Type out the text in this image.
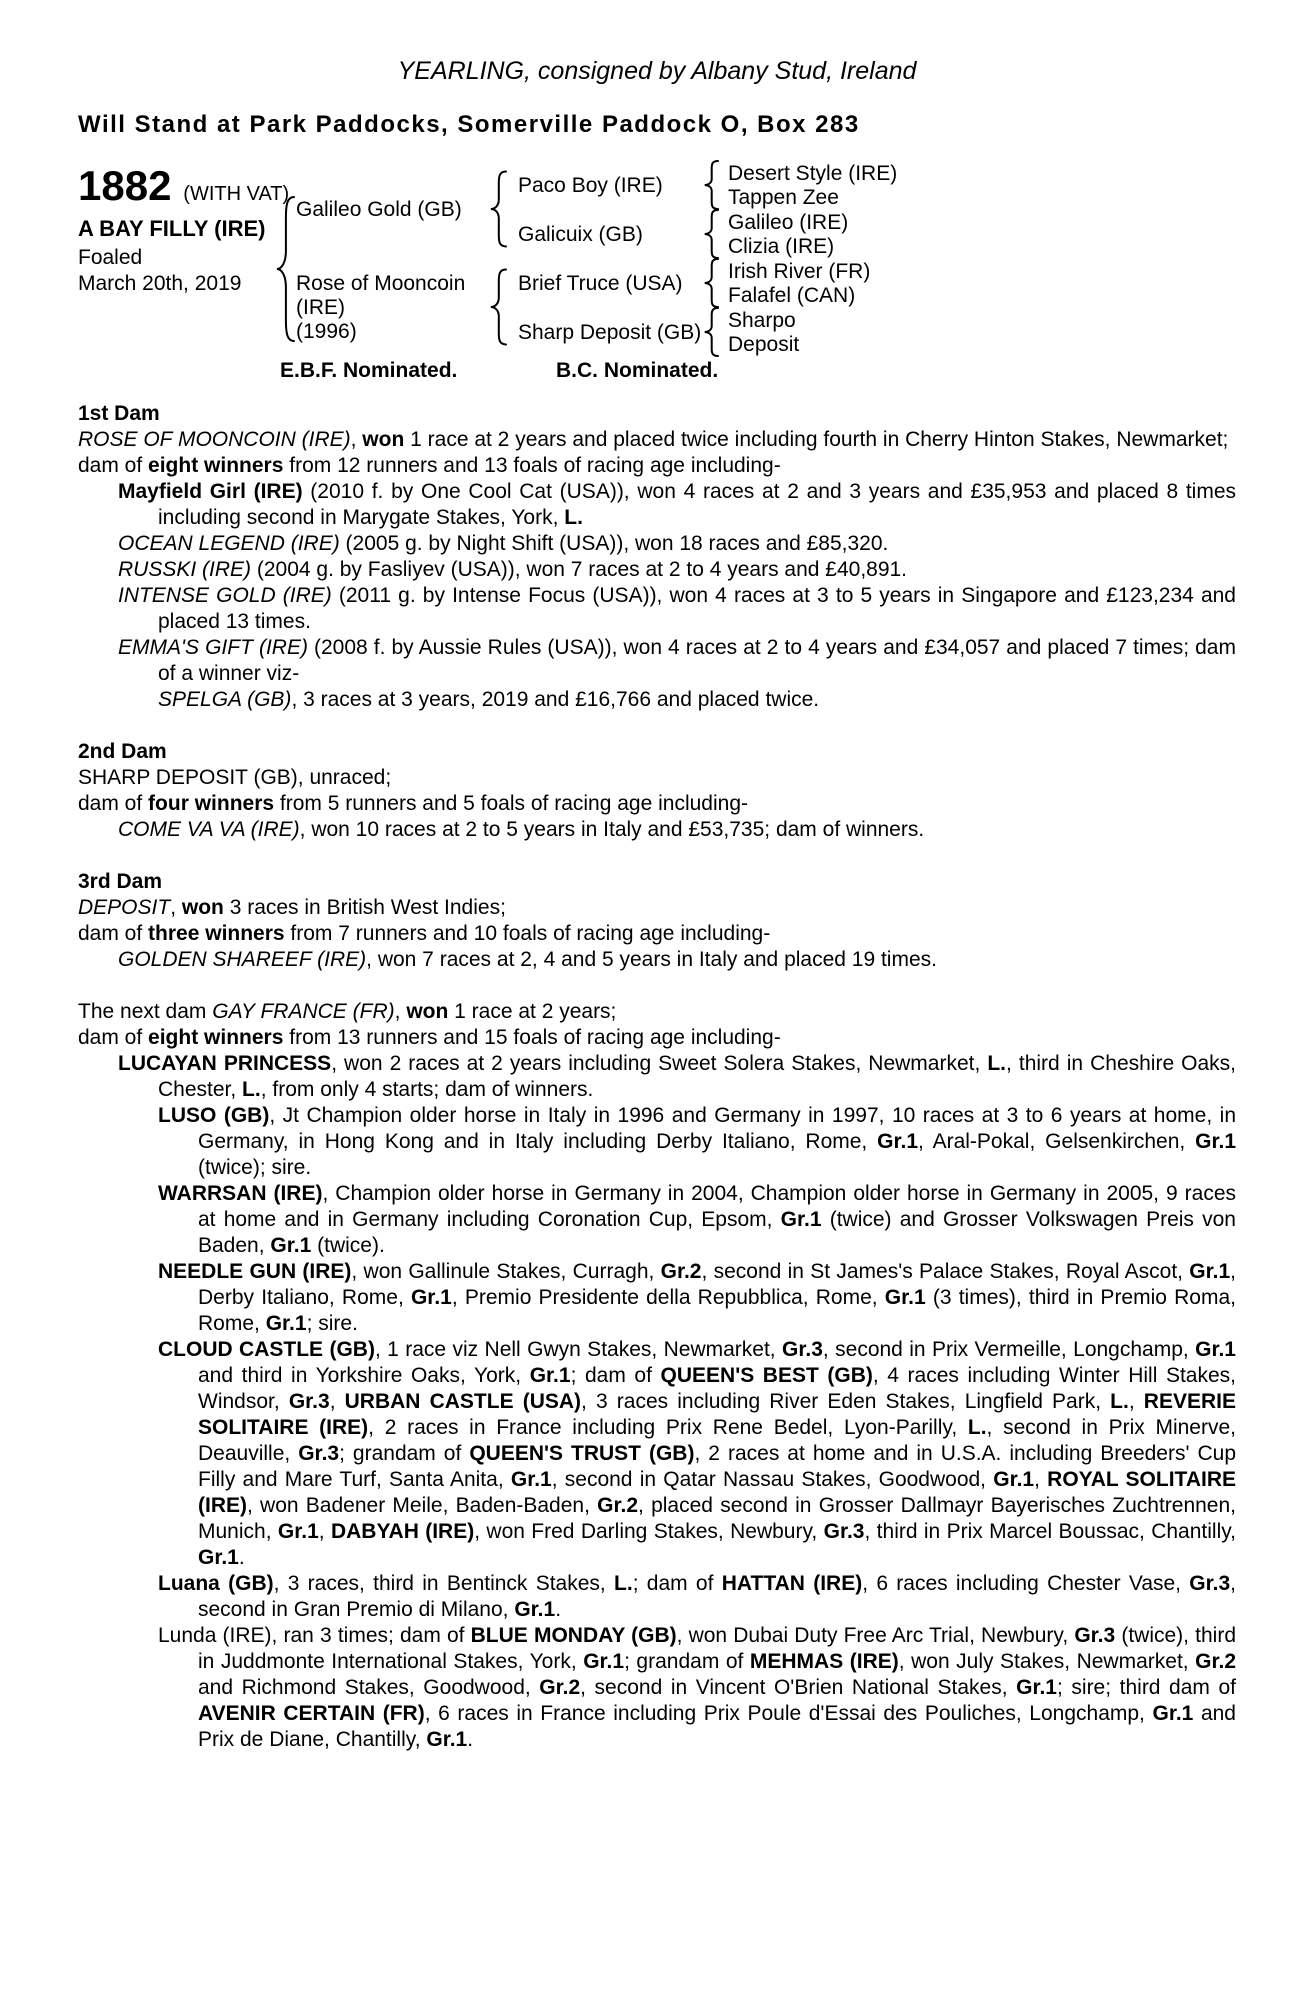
YEARLING, consigned by Albany Stud, Ireland
Will Stand at Park Paddocks, Somerville Paddock O, Box 283
1882 (WITH VAT)
A BAY FILLY (IRE)
Foaled
March 20th, 2019
Galileo Gold (GB)
Rose of Mooncoin
(IRE)
(1996)
Paco Boy (IRE)
Galicuix (GB)
Brief Truce (USA)
Sharp Deposit (GB)
Desert Style (IRE)
Tappen Zee
Galileo (IRE)
Clizia (IRE)
Irish River (FR)
Falafel (CAN)
Sharpo
Deposit
E.B.F. Nominated.	B.C. Nominated.
1st Dam

ROSE OF MOONCOIN (IRE), won 1 race at 2 years and placed twice including fourth in Cherry Hinton Stakes, Newmarket;

dam of eight winners from 12 runners and 13 foals of racing age including-

Mayfield Girl (IRE) (2010 f. by One Cool Cat (USA)), won 4 races at 2 and 3 years and £35,953 and placed 8 times including second in Marygate Stakes, York, L.

OCEAN LEGEND (IRE) (2005 g. by Night Shift (USA)), won 18 races and £85,320.

RUSSKI (IRE) (2004 g. by Fasliyev (USA)), won 7 races at 2 to 4 years and £40,891.

INTENSE GOLD (IRE) (2011 g. by Intense Focus (USA)), won 4 races at 3 to 5 years in Singapore and £123,234 and placed 13 times.

EMMA'S GIFT (IRE) (2008 f. by Aussie Rules (USA)), won 4 races at 2 to 4 years and £34,057 and placed 7 times; dam of a winner viz-

SPELGA (GB), 3 races at 3 years, 2019 and £16,766 and placed twice.

2nd Dam

SHARP DEPOSIT (GB), unraced;

dam of four winners from 5 runners and 5 foals of racing age including-

COME VA VA (IRE), won 10 races at 2 to 5 years in Italy and £53,735; dam of winners.

3rd Dam

DEPOSIT, won 3 races in British West Indies;

dam of three winners from 7 runners and 10 foals of racing age including-

GOLDEN SHAREEF (IRE), won 7 races at 2, 4 and 5 years in Italy and placed 19 times.

The next dam GAY FRANCE (FR), won 1 race at 2 years;

dam of eight winners from 13 runners and 15 foals of racing age including-

LUCAYAN PRINCESS, won 2 races at 2 years including Sweet Solera Stakes, Newmarket, L., third in Cheshire Oaks, Chester, L., from only 4 starts; dam of winners.

LUSO (GB), Jt Champion older horse in Italy in 1996 and Germany in 1997, 10 races at 3 to 6 years at home, in Germany, in Hong Kong and in Italy including Derby Italiano, Rome, Gr.1, Aral-Pokal, Gelsenkirchen, Gr.1 (twice); sire.

WARRSAN (IRE), Champion older horse in Germany in 2004, Champion older horse in Germany in 2005, 9 races at home and in Germany including Coronation Cup, Epsom, Gr.1 (twice) and Grosser Volkswagen Preis von Baden, Gr.1 (twice).

NEEDLE GUN (IRE), won Gallinule Stakes, Curragh, Gr.2, second in St James's Palace Stakes, Royal Ascot, Gr.1, Derby Italiano, Rome, Gr.1, Premio Presidente della Repubblica, Rome, Gr.1 (3 times), third in Premio Roma, Rome, Gr.1; sire.

CLOUD CASTLE (GB), 1 race viz Nell Gwyn Stakes, Newmarket, Gr.3, second in Prix Vermeille, Longchamp, Gr.1 and third in Yorkshire Oaks, York, Gr.1; dam of QUEEN'S BEST (GB), 4 races including Winter Hill Stakes, Windsor, Gr.3, URBAN CASTLE (USA), 3 races including River Eden Stakes, Lingfield Park, L., REVERIE SOLITAIRE (IRE), 2 races in France including Prix Rene Bedel, Lyon-Parilly, L., second in Prix Minerve, Deauville, Gr.3; grandam of QUEEN'S TRUST (GB), 2 races at home and in U.S.A. including Breeders' Cup Filly and Mare Turf, Santa Anita, Gr.1, second in Qatar Nassau Stakes, Goodwood, Gr.1, ROYAL SOLITAIRE (IRE), won Badener Meile, Baden-Baden, Gr.2, placed second in Grosser Dallmayr Bayerisches Zuchtrennen, Munich, Gr.1, DABYAH (IRE), won Fred Darling Stakes, Newbury, Gr.3, third in Prix Marcel Boussac, Chantilly, Gr.1.

Luana (GB), 3 races, third in Bentinck Stakes, L.; dam of HATTAN (IRE), 6 races including Chester Vase, Gr.3, second in Gran Premio di Milano, Gr.1.

Lunda (IRE), ran 3 times; dam of BLUE MONDAY (GB), won Dubai Duty Free Arc Trial, Newbury, Gr.3 (twice), third in Juddmonte International Stakes, York, Gr.1; grandam of MEHMAS (IRE), won July Stakes, Newmarket, Gr.2 and Richmond Stakes, Goodwood, Gr.2, second in Vincent O'Brien National Stakes, Gr.1; sire; third dam of AVENIR CERTAIN (FR), 6 races in France including Prix Poule d'Essai des Pouliches, Longchamp, Gr.1 and Prix de Diane, Chantilly, Gr.1.
